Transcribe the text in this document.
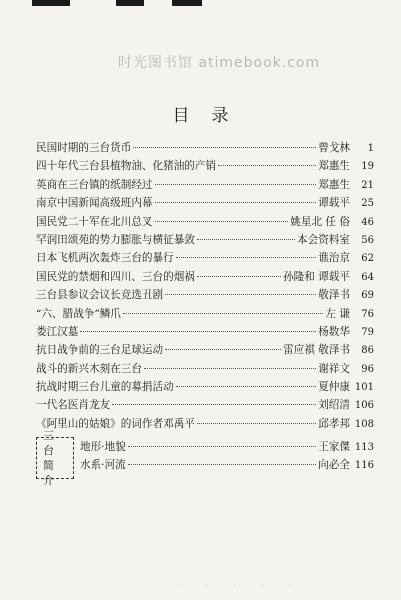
时光图书馆 atimebook.com
目录
民国时期的三台货币	曾戈林	1
四十年代三台县植物油、化猪油的产销	郑惠生	19
英商在三台镇的纸制经过	郑惠生	21
南京中国新闻高级班内幕	谭载平	25
国民党二十军在北川总叉	姚星北 任 俗	46
罕润田颂苑的势力膨胀与横征暴敛	本会资料室	56
日本飞机两次轰炸三台的暴行	谯治京	62
国民党的禁烟和四川、三台的烟祸	孙隆和 谭载平	64
三台县参议会议长竞选丑剧	敬泽书	69
“六、腊战争”鳞爪	左 谦	76
娄江汉墓	杨数华	79
抗日战争前的三台足球运动	雷应祺 敬泽书	86
战斗的新兴木刻在三台	谢祥文	96
抗战时期三台儿童的募捐活动	夏仲康 101
一代名医肖龙友	刘绍清 106
《阿里山的姑娘》的词作者邓禹平	邱孝邦 108
三台
简介
地形·地貌	王家傑 113
水系·河流	向必全 116
· · · · ·
